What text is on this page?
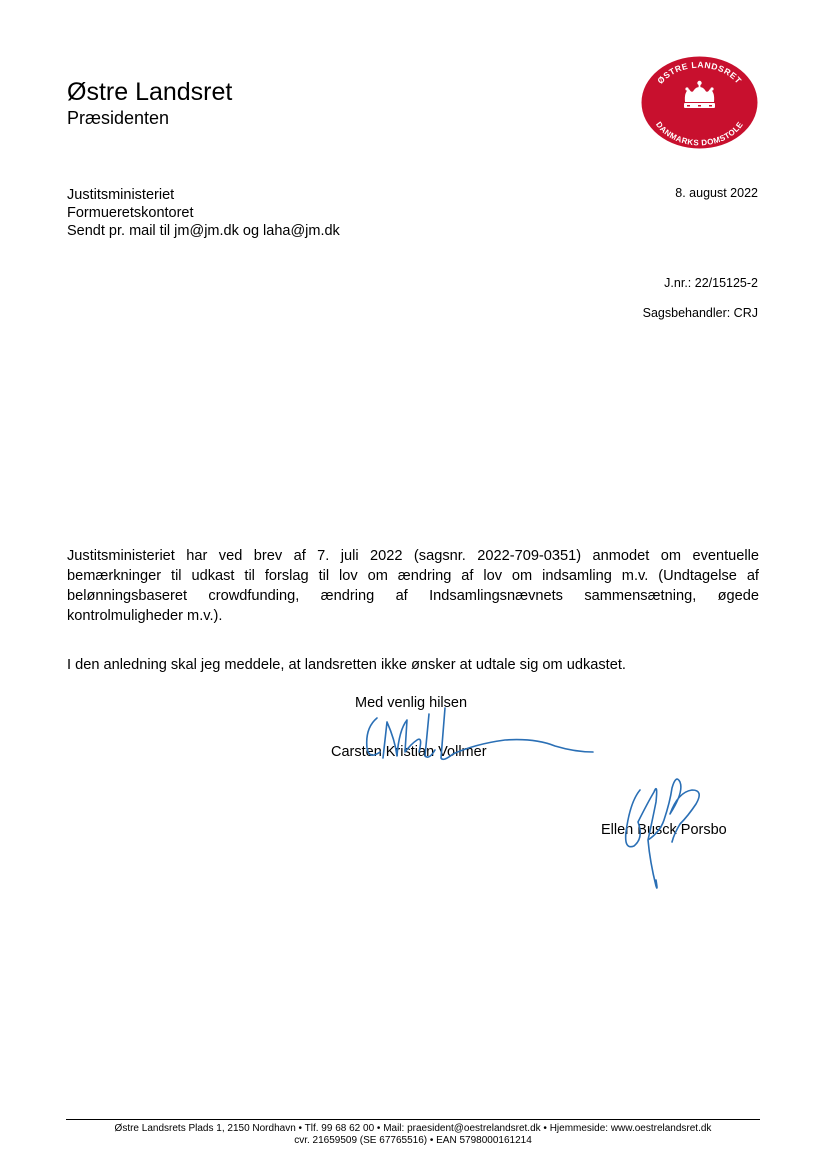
Østre Landsret
Præsidenten
ØSTRE LANDSRET
DANMARKS DOMSTOLE
Justitsministeriet
Formueretskontoret
Sendt pr. mail til jm@jm.dk og laha@jm.dk
8. august 2022
J.nr.: 22/15125-2
Sagsbehandler: CRJ
Justitsministeriet har ved brev af 7. juli 2022 (sagsnr. 2022-709-0351) anmodet om eventuelle bemærkninger til udkast til forslag til lov om ændring af lov om indsamling m.v. (Undtagelse af belønningsbaseret crowdfunding, ændring af Indsamlingsnævnets sammensætning, øgede kontrolmuligheder m.v.).
I den anledning skal jeg meddele, at landsretten ikke ønsker at udtale sig om udkastet.
Med venlig hilsen
Carsten Kristian Vollmer
Ellen Busck Porsbo
Østre Landsrets Plads 1, 2150 Nordhavn • Tlf. 99 68 62 00 • Mail: praesident@oestrelandsret.dk • Hjemmeside: www.oestrelandsret.dk
cvr. 21659509 (SE 67765516) • EAN 5798000161214
